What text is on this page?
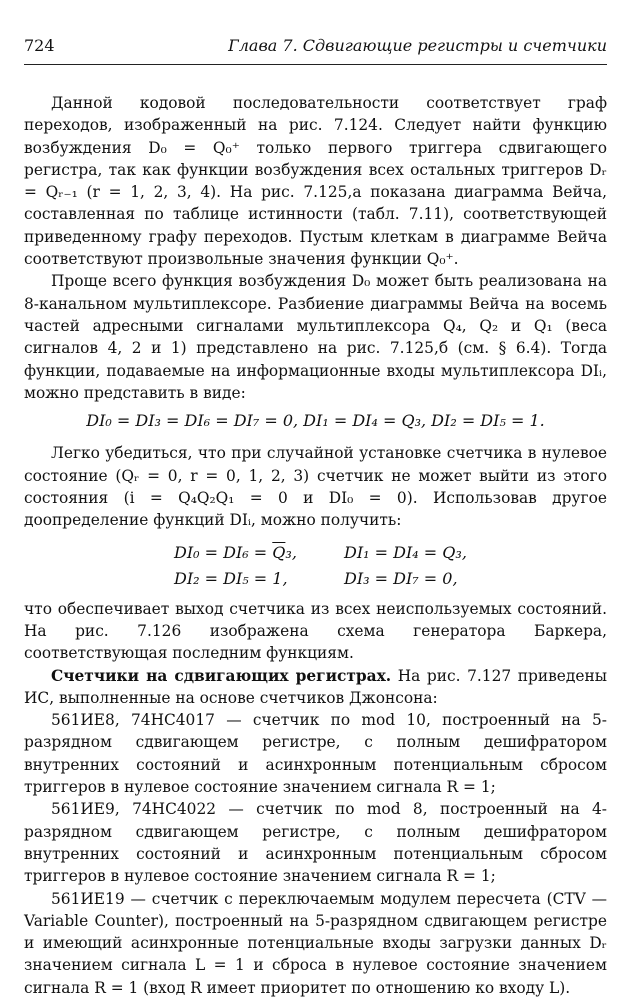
724	Глава 7. Сдвигающие регистры и счетчики

Данной кодовой последовательности соответствует граф переходов, изображенный на рис. 7.124. Следует найти функцию возбуждения D₀ = Q₀⁺ только первого триггера сдвигающего регистра, так как функции возбуждения всех остальных триггеров Dᵣ = Qᵣ₋₁ (r = 1, 2, 3, 4). На рис. 7.125,а показана диаграмма Вейча, составленная по таблице истинности (табл. 7.11), соответствующей приведенному графу переходов. Пустым клеткам в диаграмме Вейча соответствуют произвольные значения функции Q₀⁺.

Проще всего функция возбуждения D₀ может быть реализована на 8-канальном мультиплексоре. Разбиение диаграммы Вейча на восемь частей адресными сигналами мультиплексора Q₄, Q₂ и Q₁ (веса сигналов 4, 2 и 1) представлено на рис. 7.125,б (см. § 6.4). Тогда функции, подаваемые на информационные входы мультиплексора DIᵢ, можно представить в виде:

DI₀ = DI₃ = DI₆ = DI₇ = 0, DI₁ = DI₄ = Q₃, DI₂ = DI₅ = 1.

Легко убедиться, что при случайной установке счетчика в нулевое состояние (Qᵣ = 0, r = 0, 1, 2, 3) счетчик не может выйти из этого состояния (i = Q₄Q₂Q₁ = 0 и DI₀ = 0). Использовав другое доопределение функций DIᵢ, можно получить:

$DI_0 = DI_6 = \overline{Q}_3$,	DI₁ = DI₄ = Q₃,
DI₂ = DI₅ = 1,	DI₃ = DI₇ = 0,

что обеспечивает выход счетчика из всех неиспользуемых состояний. На рис. 7.126 изображена схема генератора Баркера, соответствующая последним функциям.

Счетчики на сдвигающих регистрах. На рис. 7.127 приведены ИС, выполненные на основе счетчиков Джонсона:

561ИЕ8, 74HC4017 — счетчик по mod 10, построенный на 5-разрядном сдвигающем регистре, с полным дешифратором внутренних состояний и асинхронным потенциальным сбросом триггеров в нулевое состояние значением сигнала R = 1;

561ИЕ9, 74HC4022 — счетчик по mod 8, построенный на 4-разрядном сдвигающем регистре, с полным дешифратором внутренних состояний и асинхронным потенциальным сбросом триггеров в нулевое состояние значением сигнала R = 1;

561ИЕ19 — счетчик с переключаемым модулем пересчета (CTV — Variable Counter), построенный на 5-разрядном сдвигающем регистре и имеющий асинхронные потенциальные входы загрузки данных Dᵣ значением сигнала L = 1 и сброса в нулевое состояние значением сигнала R = 1 (вход R имеет приоритет по отношению ко входу L).
